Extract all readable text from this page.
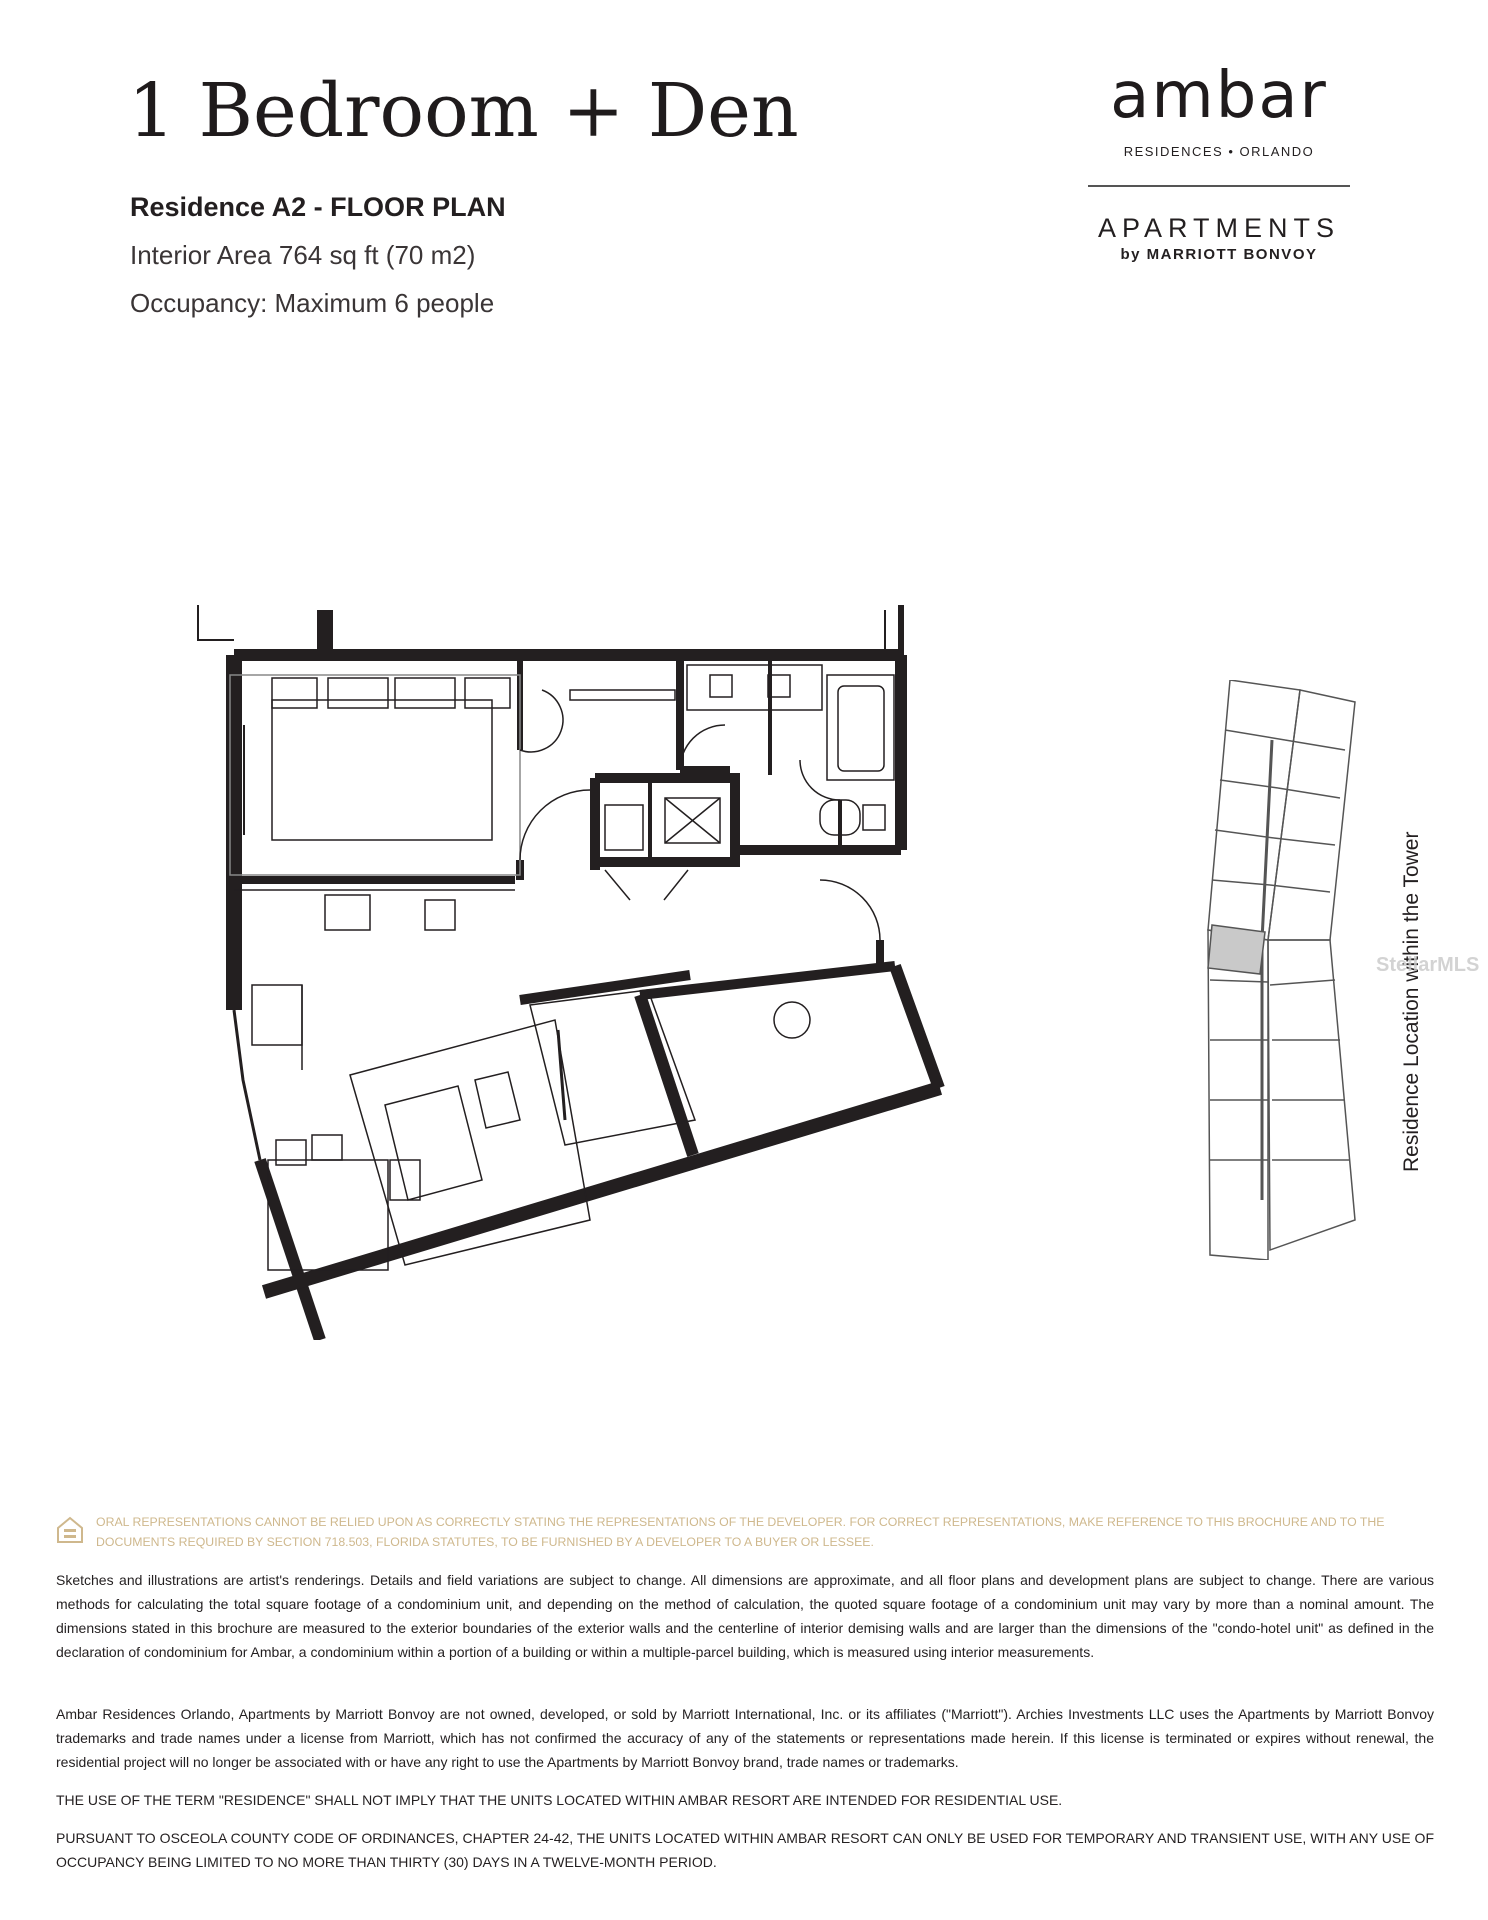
1 Bedroom + Den

Residence A2 - FLOOR PLAN

Interior Area 764 sq ft (70 m2)

Occupancy: Maximum 6 people

ambar
RESIDENCES • ORLANDO
APARTMENTS
by MARRIOTT BONVOY
Residence Location within the Tower
StellarMLS
ORAL REPRESENTATIONS CANNOT BE RELIED UPON AS CORRECTLY STATING THE REPRESENTATIONS OF THE DEVELOPER. FOR CORRECT REPRESENTATIONS, MAKE REFERENCE TO THIS BROCHURE AND TO THE DOCUMENTS REQUIRED BY SECTION 718.503, FLORIDA STATUTES, TO BE FURNISHED BY A DEVELOPER TO A BUYER OR LESSEE.
Sketches and illustrations are artist's renderings. Details and field variations are subject to change. All dimensions are approximate, and all floor plans and development plans are subject to change. There are various methods for calculating the total square footage of a condominium unit, and depending on the method of calculation, the quoted square footage of a condominium unit may vary by more than a nominal amount. The dimensions stated in this brochure are measured to the exterior boundaries of the exterior walls and the centerline of interior demising walls and are larger than the dimensions of the "condo-hotel unit" as defined in the declaration of condominium for Ambar, a condominium within a portion of a building or within a multiple-parcel building, which is measured using interior measurements.
Ambar Residences Orlando, Apartments by Marriott Bonvoy are not owned, developed, or sold by Marriott International, Inc. or its affiliates ("Marriott"). Archies Investments LLC uses the Apartments by Marriott Bonvoy trademarks and trade names under a license from Marriott, which has not confirmed the accuracy of any of the statements or representations made herein. If this license is terminated or expires without renewal, the residential project will no longer be associated with or have any right to use the Apartments by Marriott Bonvoy brand, trade names or trademarks.
THE USE OF THE TERM "RESIDENCE" SHALL NOT IMPLY THAT THE UNITS LOCATED WITHIN AMBAR RESORT ARE INTENDED FOR RESIDENTIAL USE.
PURSUANT TO OSCEOLA COUNTY CODE OF ORDINANCES, CHAPTER 24-42, THE UNITS LOCATED WITHIN AMBAR RESORT CAN ONLY BE USED FOR TEMPORARY AND TRANSIENT USE, WITH ANY USE OF OCCUPANCY BEING LIMITED TO NO MORE THAN THIRTY (30) DAYS IN A TWELVE-MONTH PERIOD.
